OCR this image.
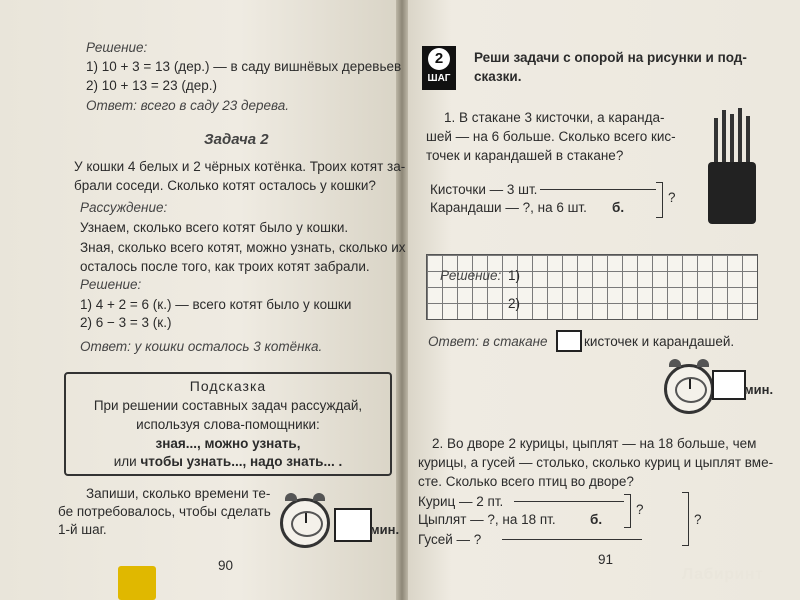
Решение:
1) 10 + 3 = 13 (дер.) — в саду вишнёвых деревьев
2) 10 + 13 = 23 (дер.)
Ответ: всего в саду 23 дерева.
Задача 2
У кошки 4 белых и 2 чёрных котёнка. Троих котят за-
брали соседи. Сколько котят осталось у кошки?
Рассуждение:
Узнаем, сколько всего котят было у кошки.
Зная, сколько всего котят, можно узнать, сколько их
осталось после того, как троих котят забрали.
Решение:
1) 4 + 2 = 6 (к.) — всего котят было у кошки
2) 6 − 3 = 3 (к.)
Ответ: у кошки осталось 3 котёнка.
Подсказка
При решении составных задач рассуждай,
используя слова-помощники:
зная..., можно узнать,
или чтобы узнать..., надо знать... .
Запиши, сколько времени те-
бе потребовалось, чтобы сделать
1-й шаг.	мин.
90
2
ШАГ
Реши задачи с опорой на рисунки и под-
сказки.
1. В стакане 3 кисточки, а каранда-
шей — на 6 больше. Сколько всего кис-
точек и карандашей в стакане?
Кисточки — 3 шт.
Карандаши — ?, на 6 шт. б.
?
Решение: 1)
2)
Ответ: в стакане	кисточек и карандашей.
мин.
2. Во дворе 2 курицы, цыплят — на 18 больше, чем
курицы, а гусей — столько, сколько куриц и цыплят вме-
сте. Сколько всего птиц во дворе?
Куриц — 2 пт.
Цыплят — ?, на 18 пт.	б.
?
Гусей — ?
?
91
Лабиринт
